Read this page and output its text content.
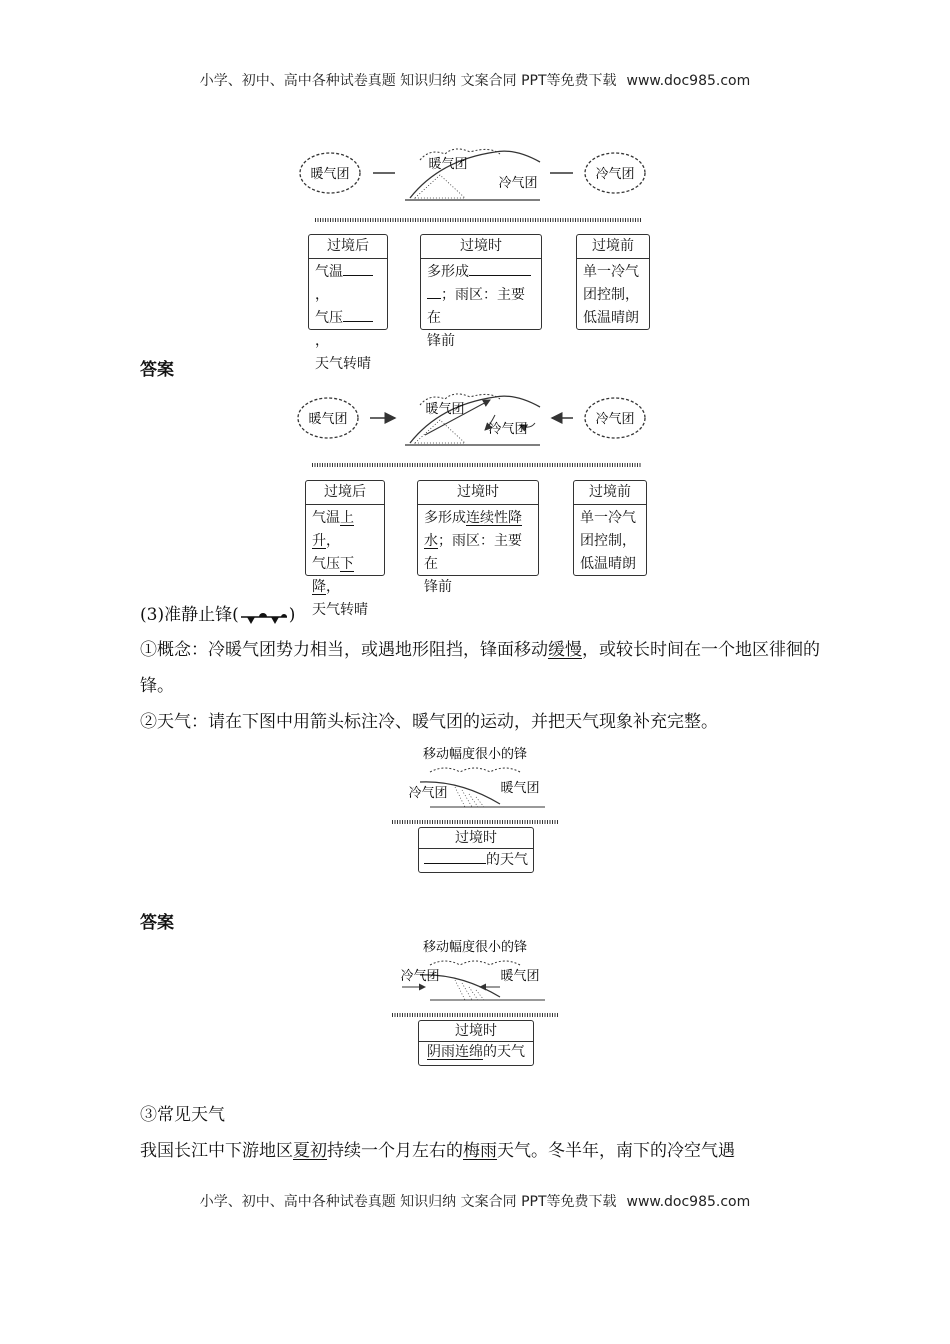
小学、初中、高中各种试卷真题 知识归纳 文案合同 PPT等免费下载 www.doc985.com
暖气团
暖气团
冷气团
冷气团
过境后
气温，
气压，
天气转晴
过境时
多形成
；雨区：主要在
锋前
过境前
单一冷气
团控制，
低温晴朗
答案
暖气团
暖气团
冷气团
冷气团
过境后
气温上升，
气压下降，
天气转晴
过境时
多形成连续性降
水；雨区：主要在
锋前
过境前
单一冷气
团控制，
低温晴朗
(3)准静止锋(	)
①概念：冷暖气团势力相当，或遇地形阻挡，锋面移动缓慢，或较长时间在一个地区徘徊的锋。
②天气：请在下图中用箭头标注冷、暖气团的运动，并把天气现象补充完整。
移动幅度很小的锋
冷气团	暖气团
过境时
的天气
答案
移动幅度很小的锋
冷气团	暖气团
过境时
阴雨连绵的天气
③常见天气
我国长江中下游地区夏初持续一个月左右的梅雨天气。冬半年，南下的冷空气遇
小学、初中、高中各种试卷真题 知识归纳 文案合同 PPT等免费下载 www.doc985.com
